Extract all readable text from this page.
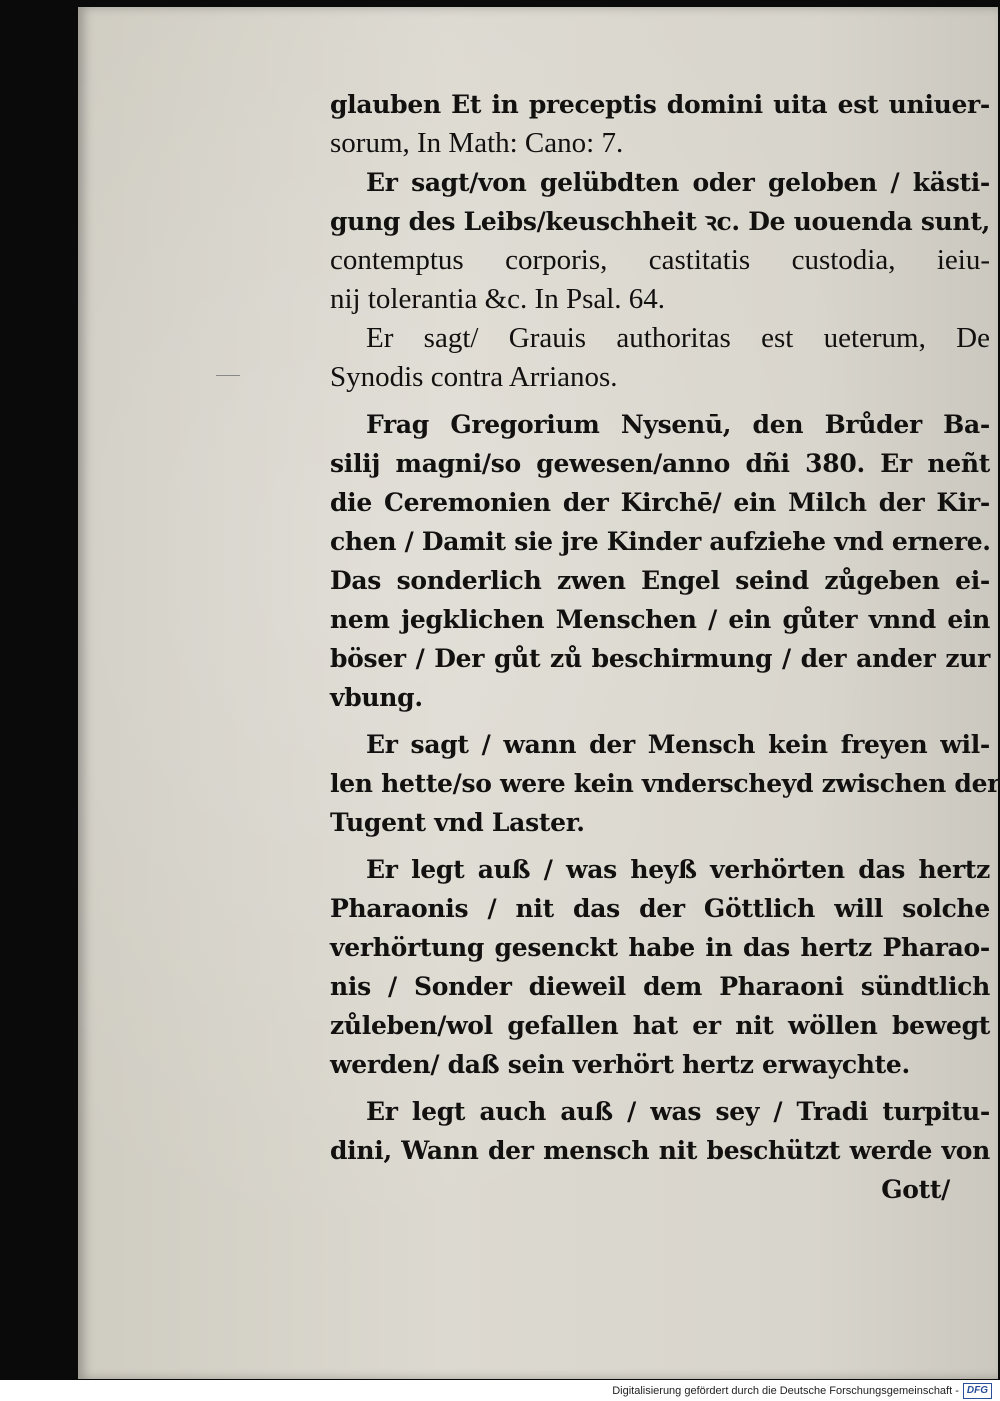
glauben Et in preceptis domini uita est uniuer-
sorum, In Math: Cano: 7.
Er sagt/von gelübdten oder geloben / kästi-
gung des Leibs/keuschheit ꝛc. De uouenda sunt,
contemptus corporis, castitatis custodia, ieiu-
nij tolerantia &c. In Psal. 64.
Er sagt/ Grauis authoritas est ueterum, De
Synodis contra Arrianos.
Frag Gregorium Nysenū, den Brůder Ba-
silij magni/so gewesen/anno dñi 380. Er neñt
die Ceremonien der Kirchē/ ein Milch der Kir-
chen / Damit sie jre Kinder aufziehe vnd ernere.
Das sonderlich zwen Engel seind zůgeben ei-
nem jegklichen Menschen / ein gůter vnnd ein
böser / Der gůt zů beschirmung / der ander zur
vbung.
Er sagt / wann der Mensch kein freyen wil-
len hette/so were kein vnderscheyd zwischen der
Tugent vnd Laster.
Er legt auß / was heyß verhörten das hertz
Pharaonis / nit das der Göttlich will solche
verhörtung gesenckt habe in das hertz Pharao-
nis / Sonder dieweil dem Pharaoni sündtlich
zůleben/wol gefallen hat er nit wöllen bewegt
werden/ daß sein verhört hertz erwaychte.
Er legt auch auß / was sey / Tradi turpitu-
dini, Wann der mensch nit beschützt werde von
Gott/
Digitalisierung gefördert durch die Deutsche Forschungsgemeinschaft - DFG
